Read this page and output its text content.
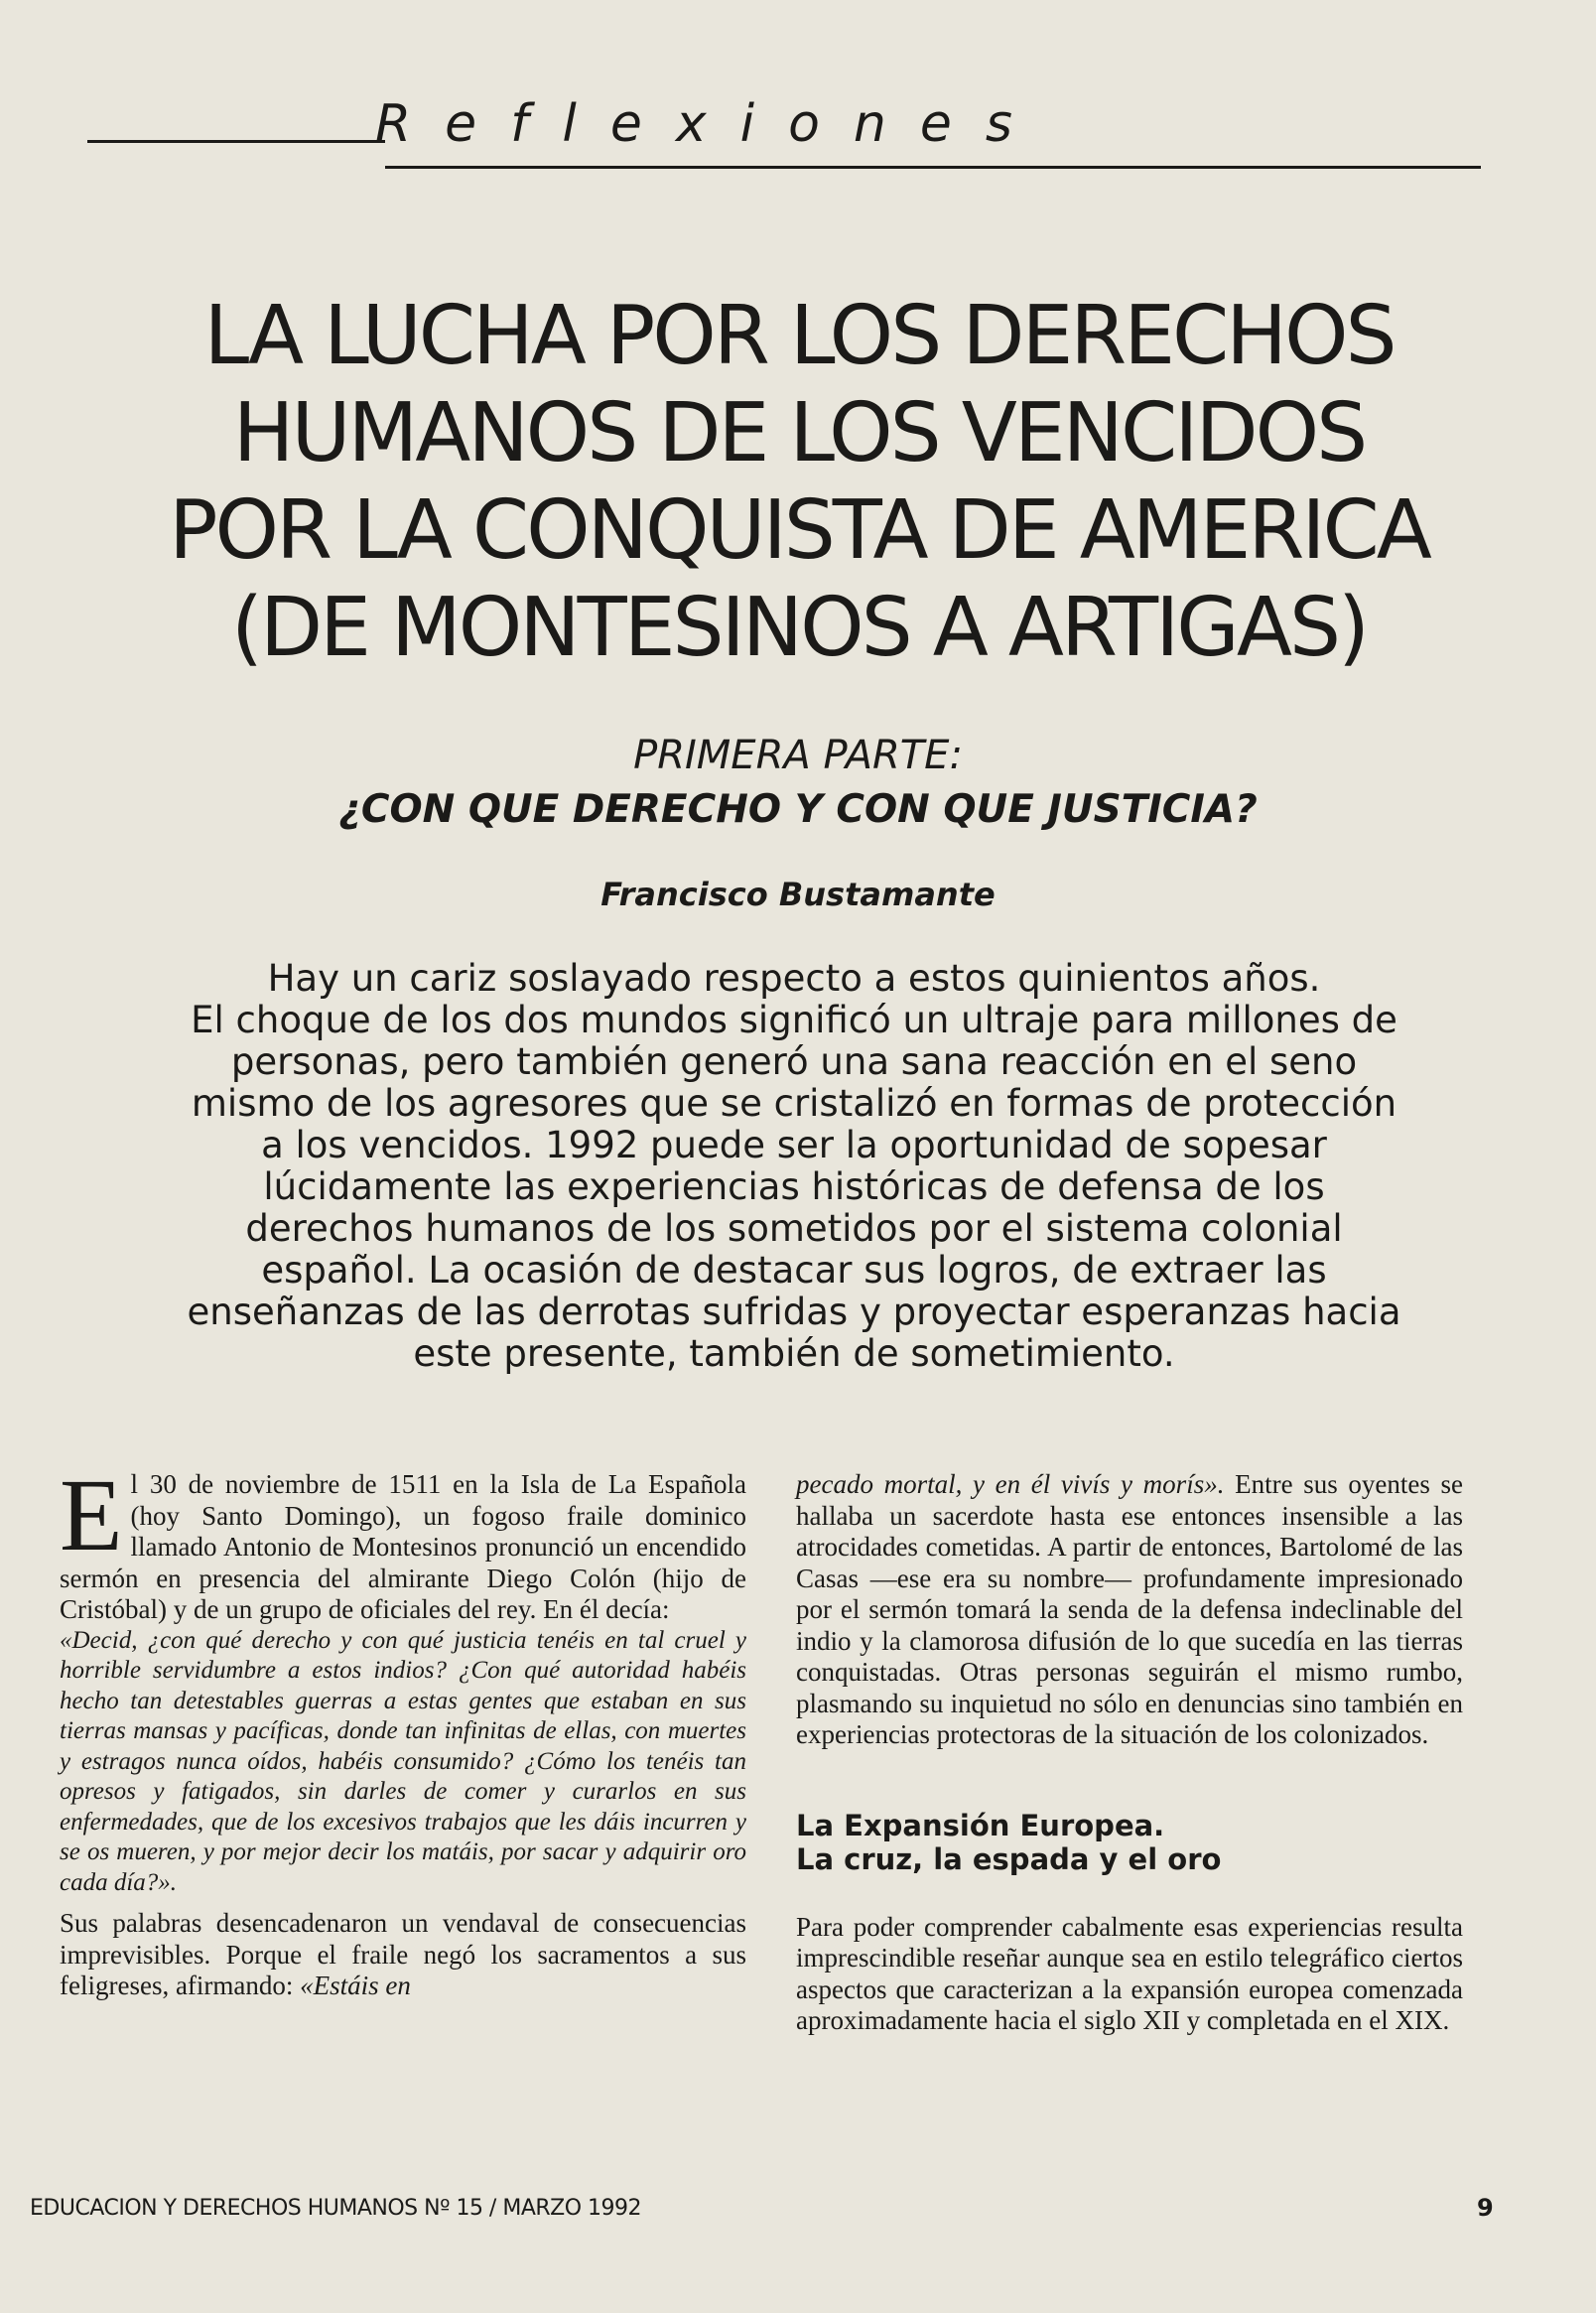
Reflexiones
LA LUCHA POR LOS DERECHOS
HUMANOS DE LOS VENCIDOS
POR LA CONQUISTA DE AMERICA
(DE MONTESINOS A ARTIGAS)
PRIMERA PARTE:
¿CON QUE DERECHO Y CON QUE JUSTICIA?
Francisco Bustamante
Hay un cariz soslayado respecto a estos quinientos años.
El choque de los dos mundos significó un ultraje para millones de
personas, pero también generó una sana reacción en el seno
mismo de los agresores que se cristalizó en formas de protección
a los vencidos. 1992 puede ser la oportunidad de sopesar
lúcidamente las experiencias históricas de defensa de los
derechos humanos de los sometidos por el sistema colonial
español. La ocasión de destacar sus logros, de extraer las
enseñanzas de las derrotas sufridas y proyectar esperanzas hacia
este presente, también de sometimiento.

El 30 de noviembre de 1511 en la Isla de La Española (hoy Santo Domingo), un fogoso fraile dominico llamado Antonio de Montesinos pronunció un encendido sermón en presencia del almirante Diego Colón (hijo de Cristóbal) y de un grupo de oficiales del rey. En él decía:

«Decid, ¿con qué derecho y con qué justicia tenéis en tal cruel y horrible servidumbre a estos indios? ¿Con qué autoridad habéis hecho tan detestables guerras a estas gentes que estaban en sus tierras mansas y pacíficas, donde tan infinitas de ellas, con muertes y estragos nunca oídos, habéis consumido? ¿Cómo los tenéis tan opresos y fatigados, sin darles de comer y curarlos en sus enfermedades, que de los excesivos trabajos que les dáis incurren y se os mueren, y por mejor decir los matáis, por sacar y adquirir oro cada día?».

Sus palabras desencadenaron un vendaval de consecuencias imprevisibles. Porque el fraile negó los sacramentos a sus feligreses, afirmando: «Estáis en

pecado mortal, y en él vivís y morís». Entre sus oyentes se hallaba un sacerdote hasta ese entonces insensible a las atrocidades cometidas. A partir de entonces, Bartolomé de las Casas —ese era su nombre— profundamente impresionado por el sermón tomará la senda de la defensa indeclinable del indio y la clamorosa difusión de lo que sucedía en las tierras conquistadas. Otras personas seguirán el mismo rumbo, plasmando su inquietud no sólo en denuncias sino también en experiencias protectoras de la situación de los colonizados.

La Expansión Europea.
La cruz, la espada y el oro

Para poder comprender cabalmente esas experiencias resulta imprescindible reseñar aunque sea en estilo telegráfico ciertos aspectos que caracterizan a la expansión europea comenzada aproximadamente hacia el siglo XII y completada en el XIX.

EDUCACION Y DERECHOS HUMANOS Nº 15 / MARZO 1992	9
